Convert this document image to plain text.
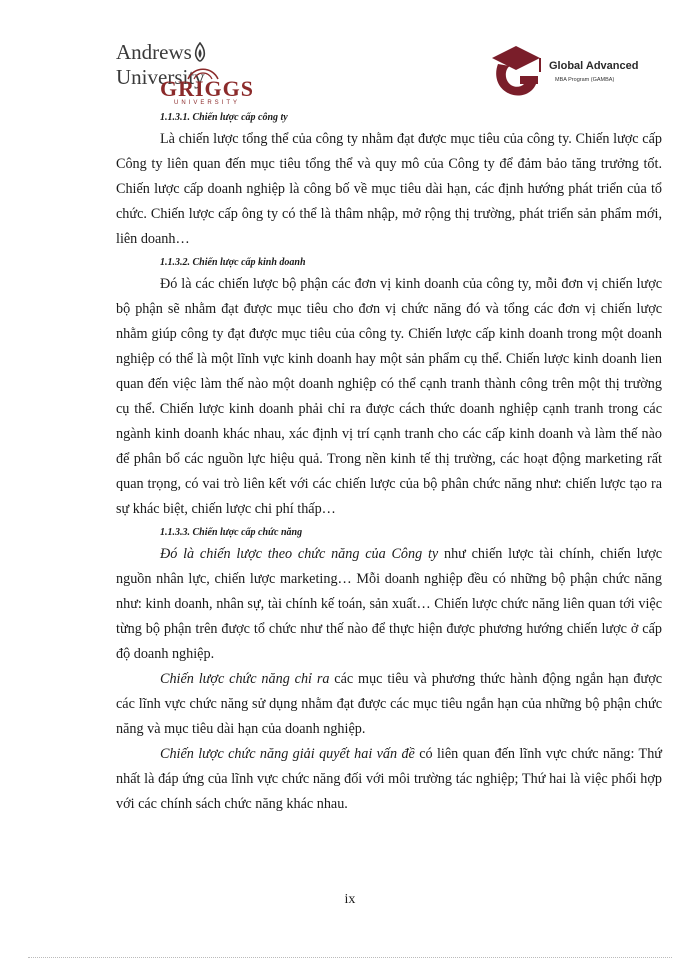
AndrewsUniversity
GRIGGS
UNIVERSITY
Global Advanced
MBA Program (GAMBA)
1.1.3.1. Chiến lược cấp công ty

Là chiến lược tổng thể của công ty nhằm đạt được mục tiêu của công ty. Chiến lược cấp Công ty liên quan đến mục tiêu tổng thể và quy mô của Công ty để đảm bảo tăng trưởng tốt. Chiến lược cấp doanh nghiệp là công bố về mục tiêu dài hạn, các định hướng phát triển của tổ chức. Chiến lược cấp ông ty có thể là thâm nhập, mở rộng thị trường, phát triển sản phẩm mới, liên doanh…

1.1.3.2. Chiến lược cấp kinh doanh

Đó là các chiến lược bộ phận các đơn vị kinh doanh của công ty, mỗi đơn vị chiến lược bộ phận sẽ nhằm đạt được mục tiêu cho đơn vị chức năng đó và tổng các đơn vị chiến lược nhằm giúp công ty đạt được mục tiêu của công ty. Chiến lược cấp kinh doanh trong một doanh nghiệp có thể là một lĩnh vực kinh doanh hay một sản phẩm cụ thể. Chiến lược kinh doanh lien quan đến việc làm thế nào một doanh nghiệp có thể cạnh tranh thành công trên một thị trường cụ thể. Chiến lược kinh doanh phải chỉ ra được cách thức doanh nghiệp cạnh tranh trong các ngành kinh doanh khác nhau, xác định vị trí cạnh tranh cho các cấp kinh doanh và làm thế nào để phân bổ các nguồn lực hiệu quả. Trong nền kinh tế thị trường, các hoạt động marketing rất quan trọng, có vai trò liên kết với các chiến lược của bộ phân chức năng như: chiến lược tạo ra sự khác biệt, chiến lược chi phí thấp…

1.1.3.3. Chiến lược cấp chức năng

Đó là chiến lược theo chức năng của Công ty như chiến lược tài chính, chiến lược nguồn nhân lực, chiến lược marketing… Mỗi doanh nghiệp đều có những bộ phận chức năng như: kinh doanh, nhân sự, tài chính kế toán, sản xuất… Chiến lược chức năng liên quan tới việc từng bộ phận trên được tổ chức như thế nào để thực hiện được phương hướng chiến lược ở cấp độ doanh nghiệp.

Chiến lược chức năng chỉ ra các mục tiêu và phương thức hành động ngắn hạn được các lĩnh vực chức năng sử dụng nhằm đạt được các mục tiêu ngắn hạn của những bộ phận chức năng và mục tiêu dài hạn của doanh nghiệp.

Chiến lược chức năng giải quyết hai vấn đề có liên quan đến lĩnh vực chức năng: Thứ nhất là đáp ứng của lĩnh vực chức năng đối với môi trường tác nghiệp; Thứ hai là việc phối hợp với các chính sách chức năng khác nhau.

ix
